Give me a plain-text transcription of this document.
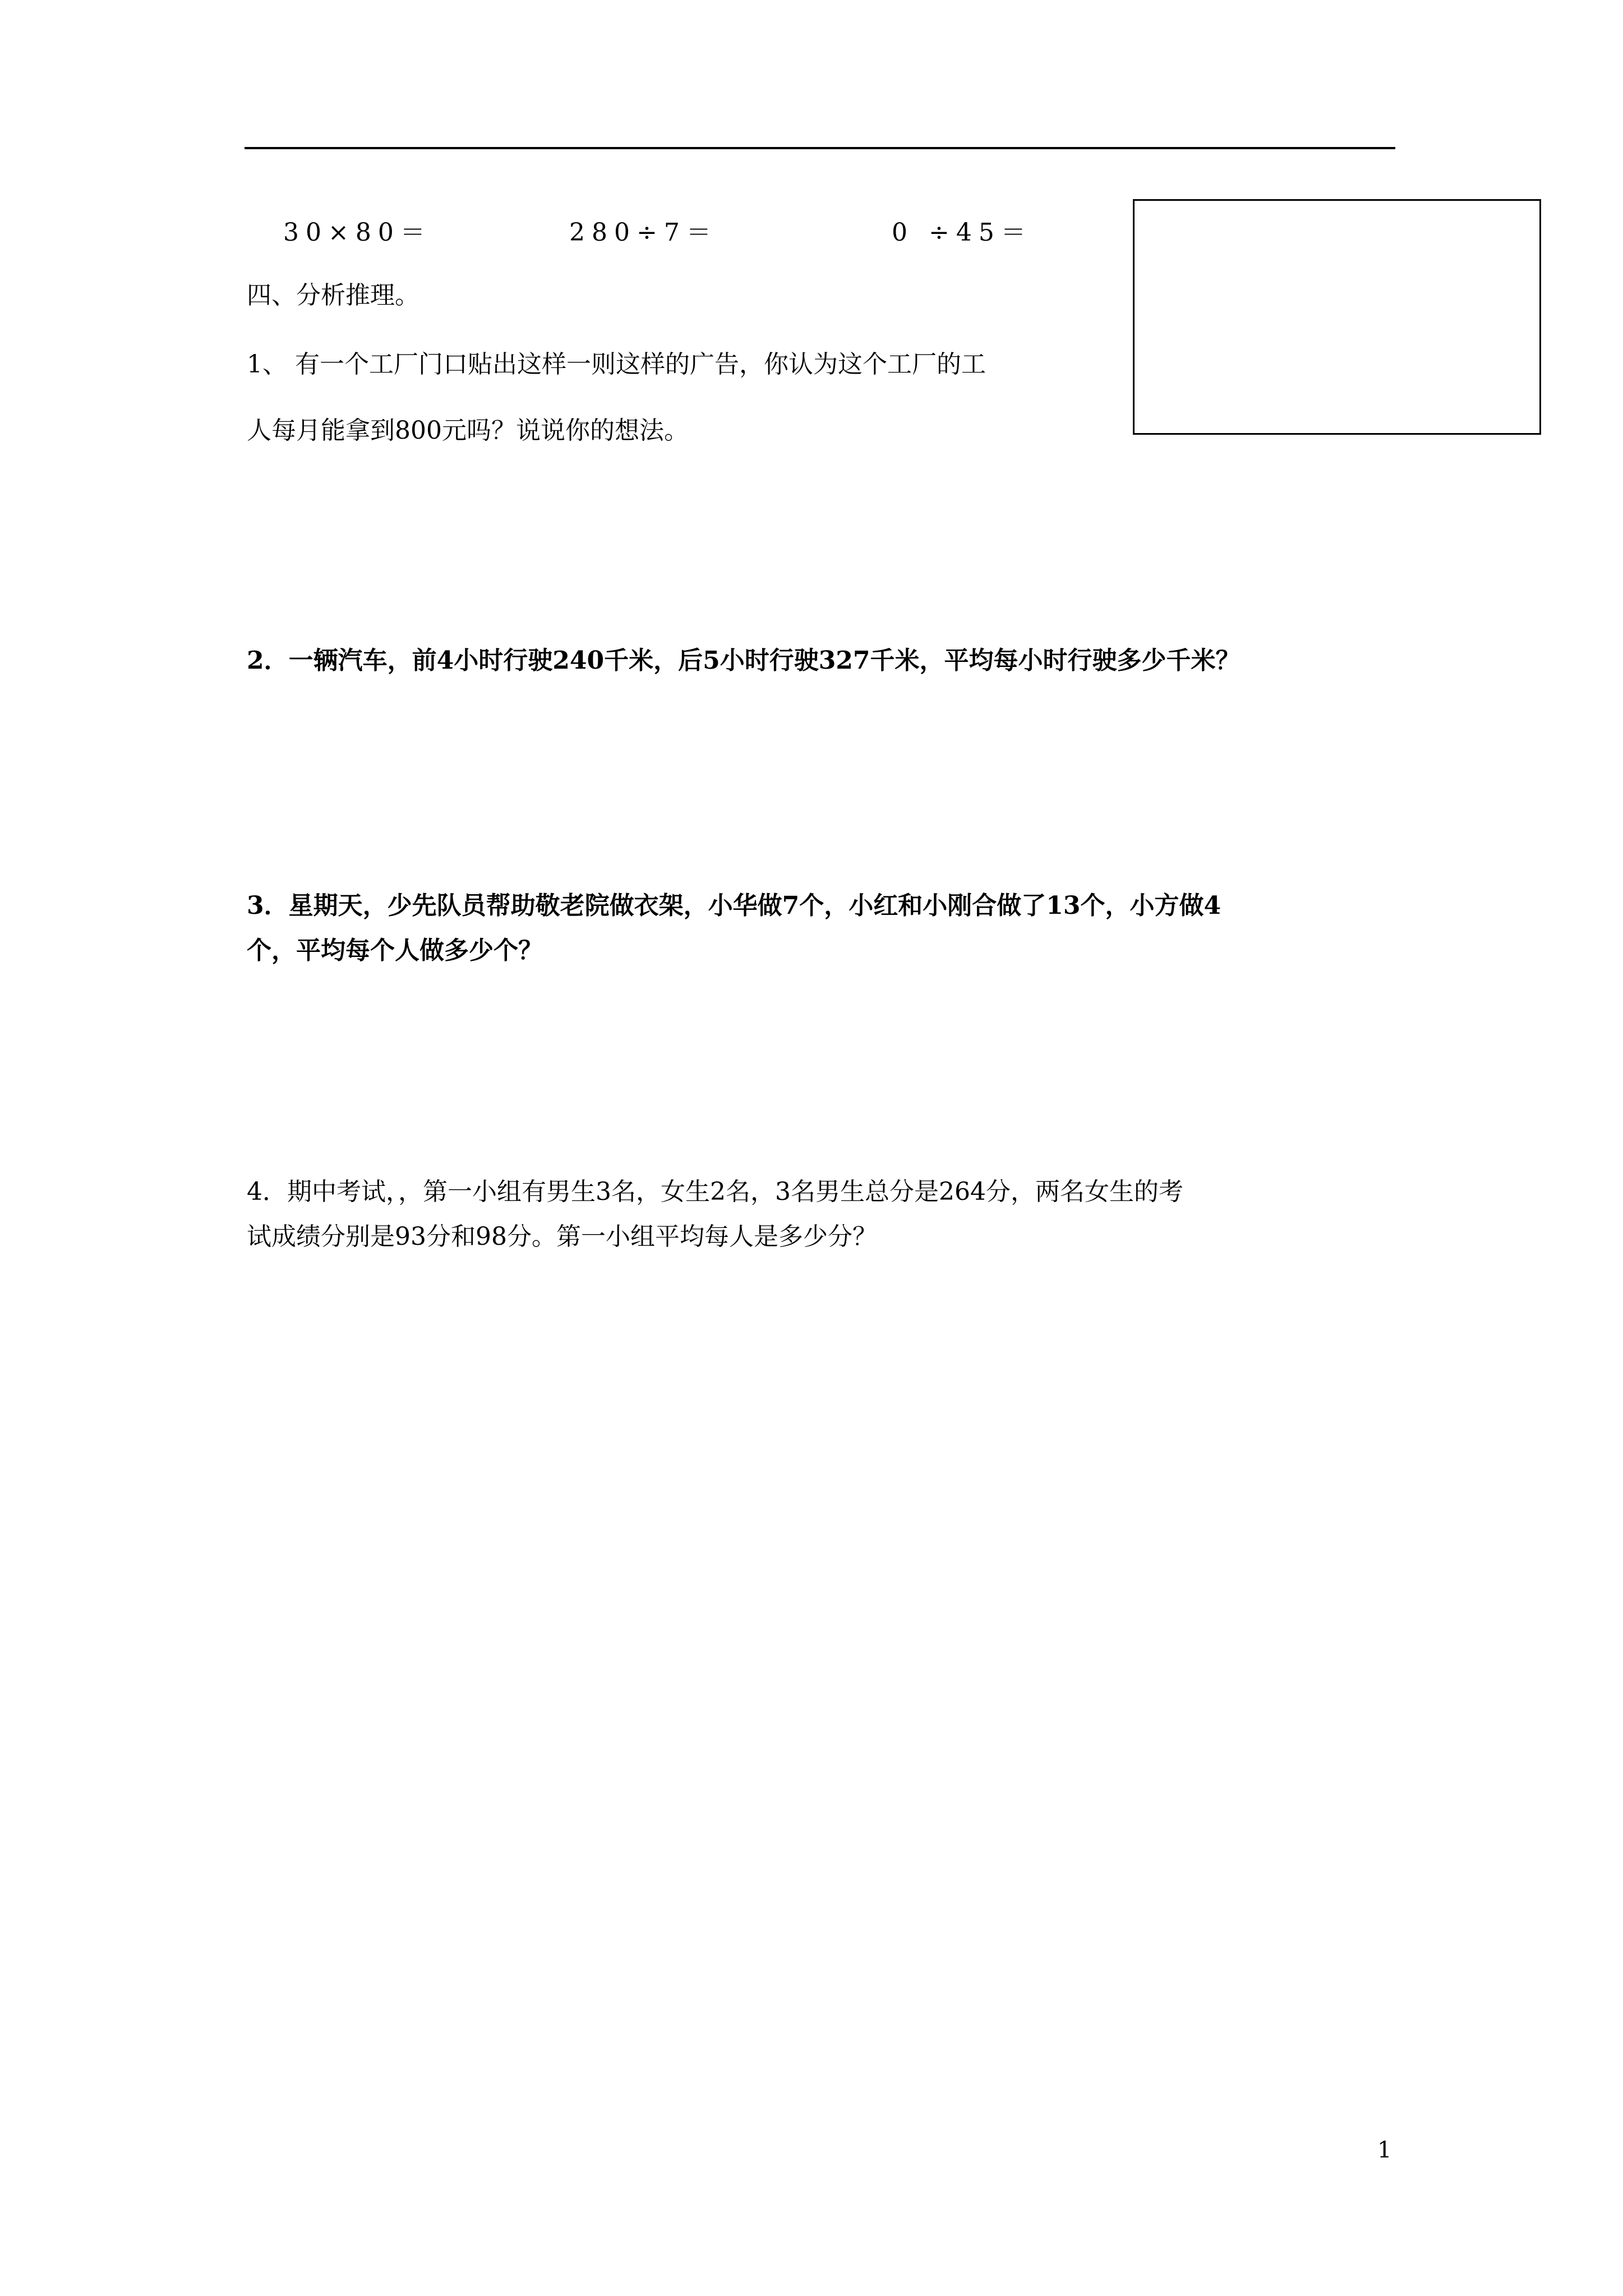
30×80＝	280÷7＝	0 ÷45＝
四、分析推理。
1、 有一个工厂门口贴出这样一则这样的广告，你认为这个工厂的工
人每月能拿到800元吗？说说你的想法。
2．一辆汽车，前4小时行驶240千米，后5小时行驶327千米，平均每小时行驶多少千米？
3．星期天，少先队员帮助敬老院做衣架，小华做7个，小红和小刚合做了13个，小方做4
个，平均每个人做多少个？
4．期中考试，，第一小组有男生3名，女生2名，3名男生总分是264分，两名女生的考
试成绩分别是93分和98分。第一小组平均每人是多少分？
1
